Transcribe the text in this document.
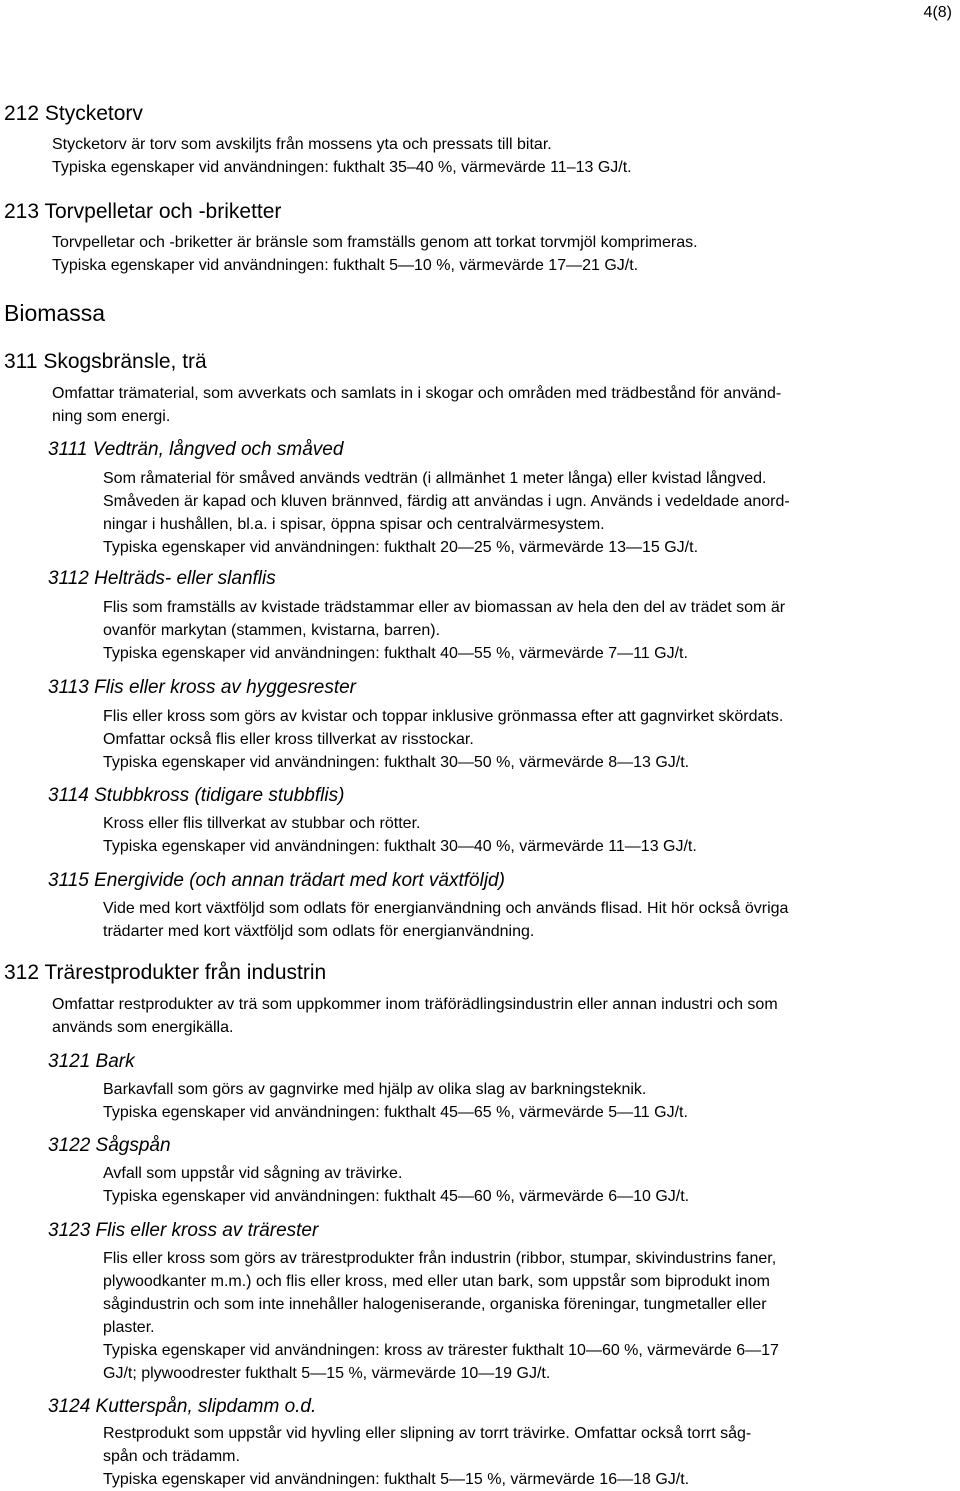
4(8)
212 Stycketorv
Stycketorv är torv som avskiljts från mossens yta och pressats till bitar.
Typiska egenskaper vid användningen: fukthalt 35–40 %, värmevärde 11–13 GJ/t.
213 Torvpelletar och -briketter
Torvpelletar och -briketter är bränsle som framställs genom att torkat torvmjöl komprimeras.
Typiska egenskaper vid användningen: fukthalt 5—10 %, värmevärde 17—21 GJ/t.
Biomassa
311 Skogsbränsle, trä
Omfattar trämaterial, som avverkats och samlats in i skogar och områden med trädbestånd för använd-
ning som energi.
3111 Vedträn, långved och småved
Som råmaterial för småved används vedträn (i allmänhet 1 meter långa) eller kvistad långved.
Småveden är kapad och kluven brännved, färdig att användas i ugn. Används i vedeldade anord-
ningar i hushållen, bl.a. i spisar, öppna spisar och centralvärmesystem.
Typiska egenskaper vid användningen: fukthalt 20—25 %, värmevärde 13—15 GJ/t.
3112 Helträds- eller slanflis
Flis som framställs av kvistade trädstammar eller av biomassan av hela den del av trädet som är
ovanför markytan (stammen, kvistarna, barren).
Typiska egenskaper vid användningen: fukthalt 40—55 %, värmevärde 7—11 GJ/t.
3113 Flis eller kross av hyggesrester
Flis eller kross som görs av kvistar och toppar inklusive grönmassa efter att gagnvirket skördats.
Omfattar också flis eller kross tillverkat av risstockar.
Typiska egenskaper vid användningen: fukthalt 30—50 %, värmevärde 8—13 GJ/t.
3114 Stubbkross (tidigare stubbflis)
Kross eller flis tillverkat av stubbar och rötter.
Typiska egenskaper vid användningen: fukthalt 30—40 %, värmevärde 11—13 GJ/t.
3115 Energivide (och annan trädart med kort växtföljd)
Vide med kort växtföljd som odlats för energianvändning och används flisad. Hit hör också övriga
trädarter med kort växtföljd som odlats för energianvändning.
312 Trärestprodukter från industrin
Omfattar restprodukter av trä som uppkommer inom träförädlingsindustrin eller annan industri och som
används som energikälla.
3121 Bark
Barkavfall som görs av gagnvirke med hjälp av olika slag av barkningsteknik.
Typiska egenskaper vid användningen: fukthalt 45—65 %, värmevärde 5—11 GJ/t.
3122 Sågspån
Avfall som uppstår vid sågning av trävirke.
Typiska egenskaper vid användningen: fukthalt 45—60 %, värmevärde 6—10 GJ/t.
3123 Flis eller kross av trärester
Flis eller kross som görs av trärestprodukter från industrin (ribbor, stumpar, skivindustrins faner,
plywoodkanter m.m.) och flis eller kross, med eller utan bark, som uppstår som biprodukt inom
sågindustrin och som inte innehåller halogeniserande, organiska föreningar, tungmetaller eller
plaster.
Typiska egenskaper vid användningen: kross av trärester fukthalt 10—60 %, värmevärde 6—17
GJ/t; plywoodrester fukthalt 5—15 %, värmevärde 10—19 GJ/t.
3124 Kutterspån, slipdamm o.d.
Restprodukt som uppstår vid hyvling eller slipning av torrt trävirke. Omfattar också torrt såg-
spån och trädamm.
Typiska egenskaper vid användningen: fukthalt 5—15 %, värmevärde 16—18 GJ/t.
